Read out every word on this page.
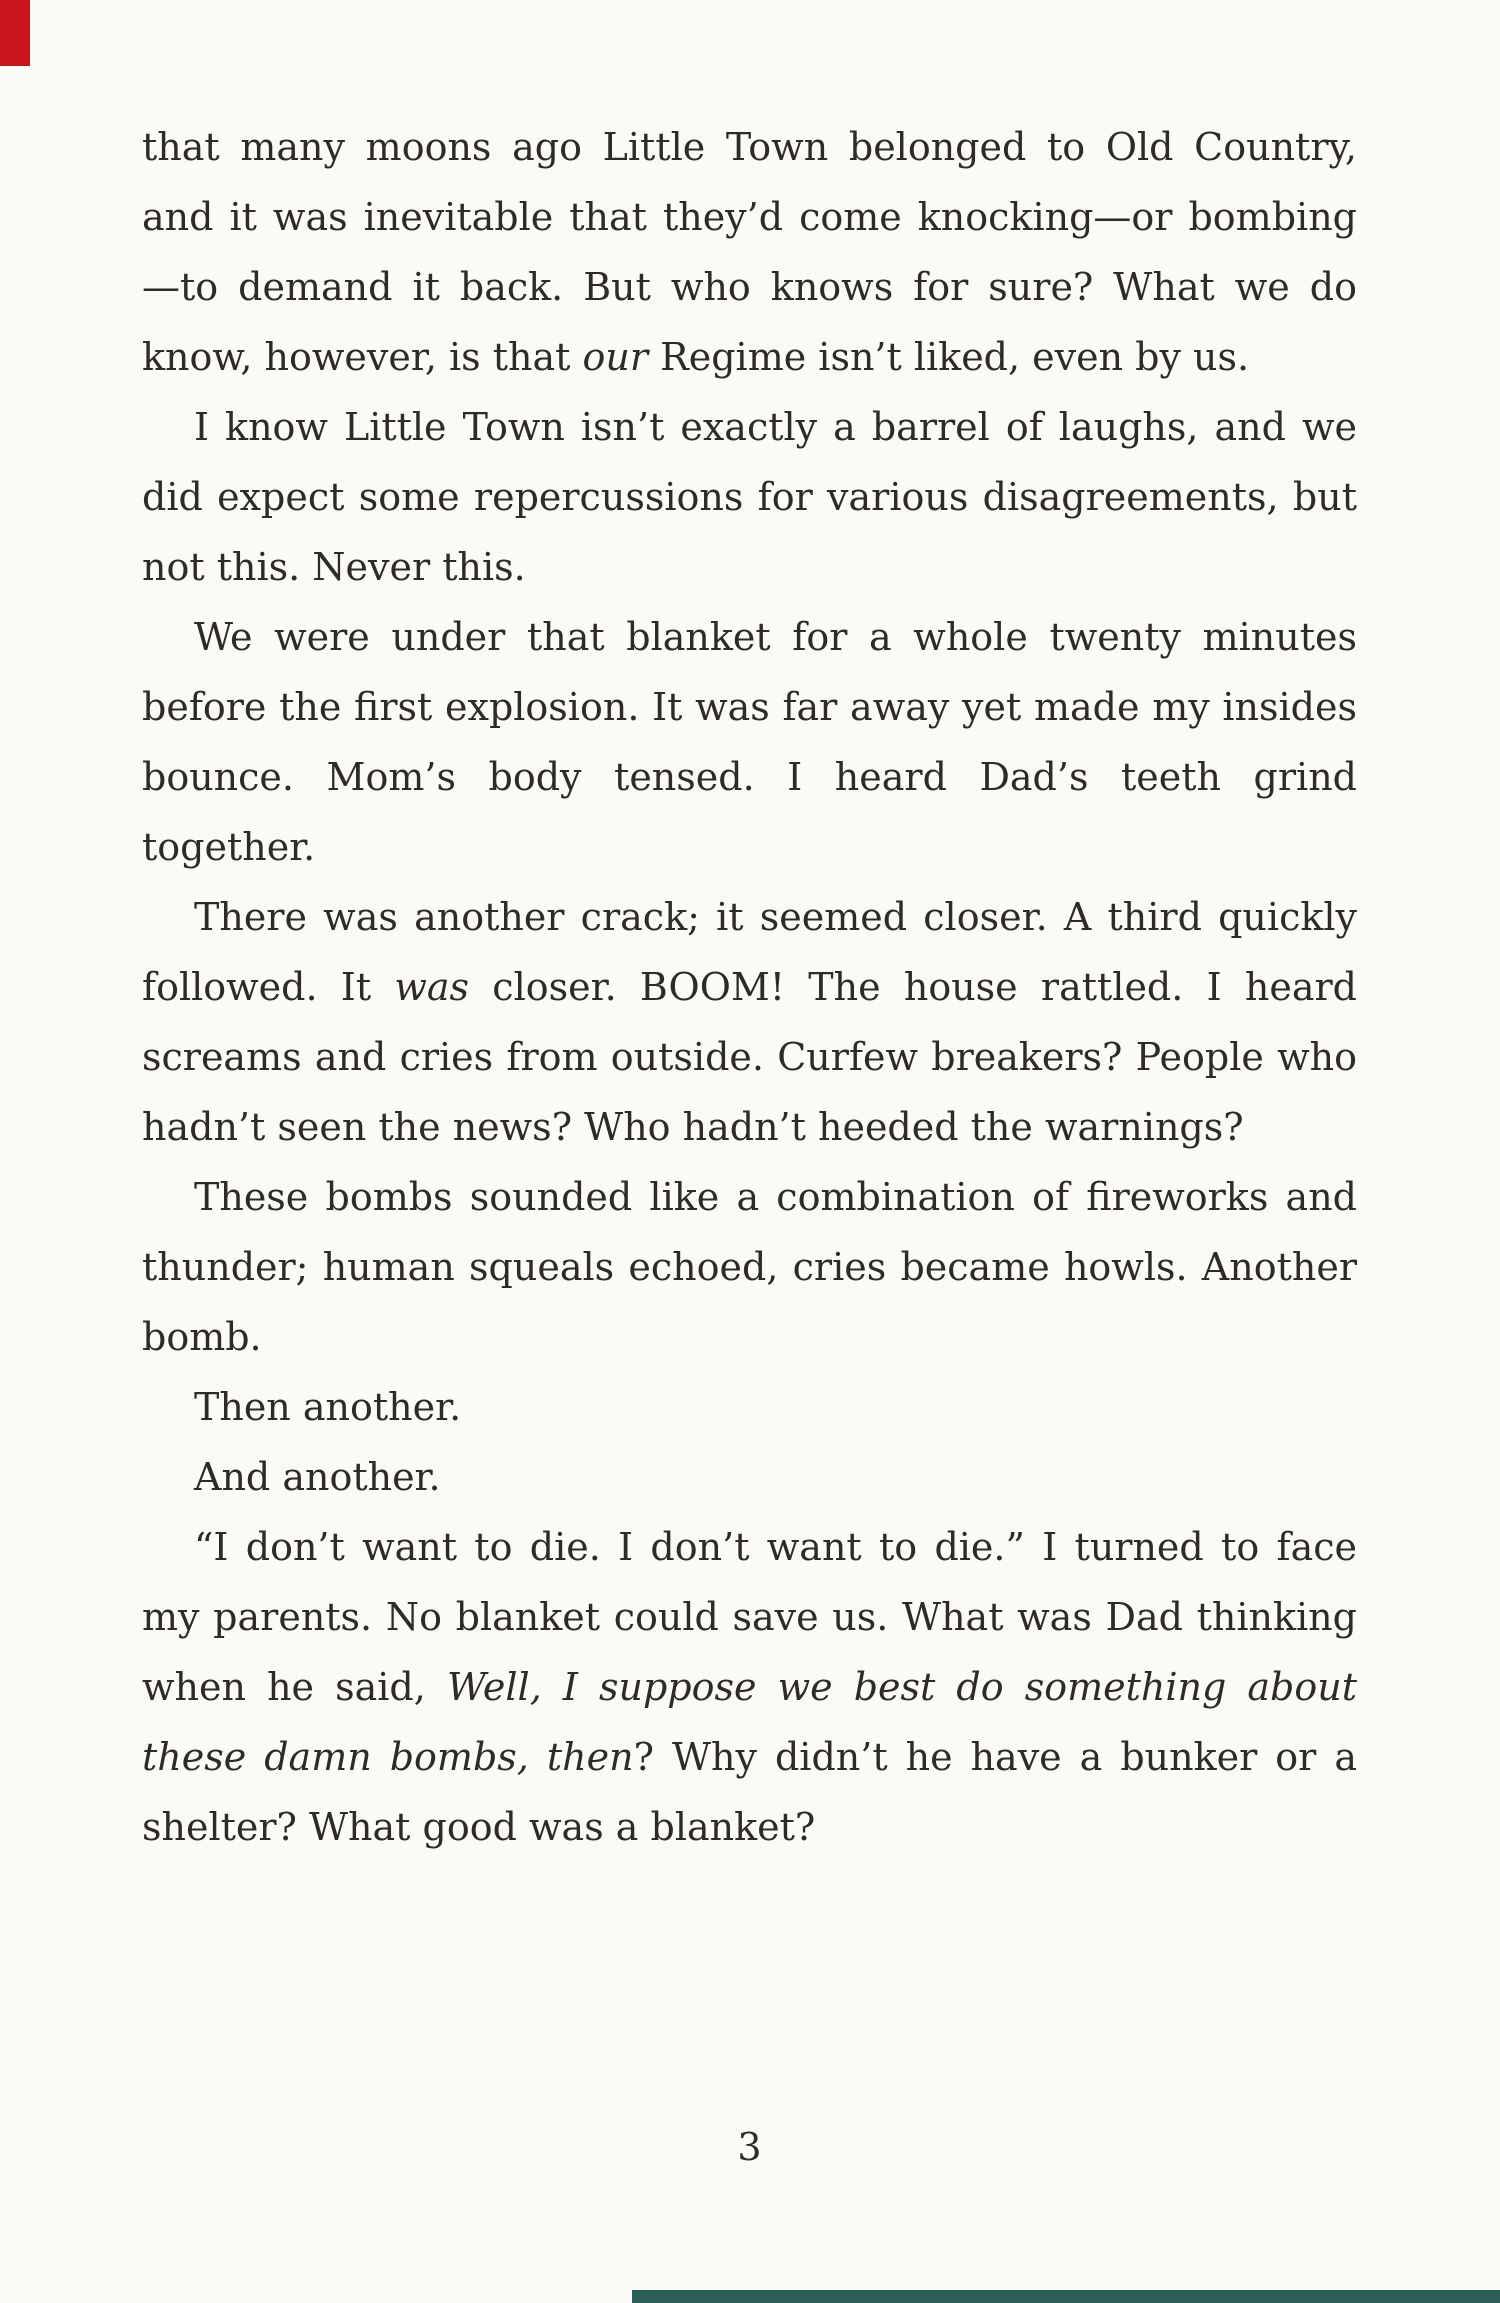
that many moons ago Little Town belonged to Old Country, and it was inevitable that they’d come knocking—or bombing—to demand it back. But who knows for sure? What we do know, however, is that our Regime isn’t liked, even by us.

I know Little Town isn’t exactly a barrel of laughs, and we did expect some repercussions for various disagreements, but not this. Never this.

We were under that blanket for a whole twenty minutes before the first explosion. It was far away yet made my insides bounce. Mom’s body tensed. I heard Dad’s teeth grind together.

There was another crack; it seemed closer. A third quickly followed. It was closer. BOOM! The house rattled. I heard screams and cries from outside. Curfew breakers? People who hadn’t seen the news? Who hadn’t heeded the warnings?

These bombs sounded like a combination of fireworks and thunder; human squeals echoed, cries became howls. Another bomb.

Then another.

And another.

“I don’t want to die. I don’t want to die.” I turned to face my parents. No blanket could save us. What was Dad thinking when he said, Well, I suppose we best do something about these damn bombs, then? Why didn’t he have a bunker or a shelter? What good was a blanket?

3
